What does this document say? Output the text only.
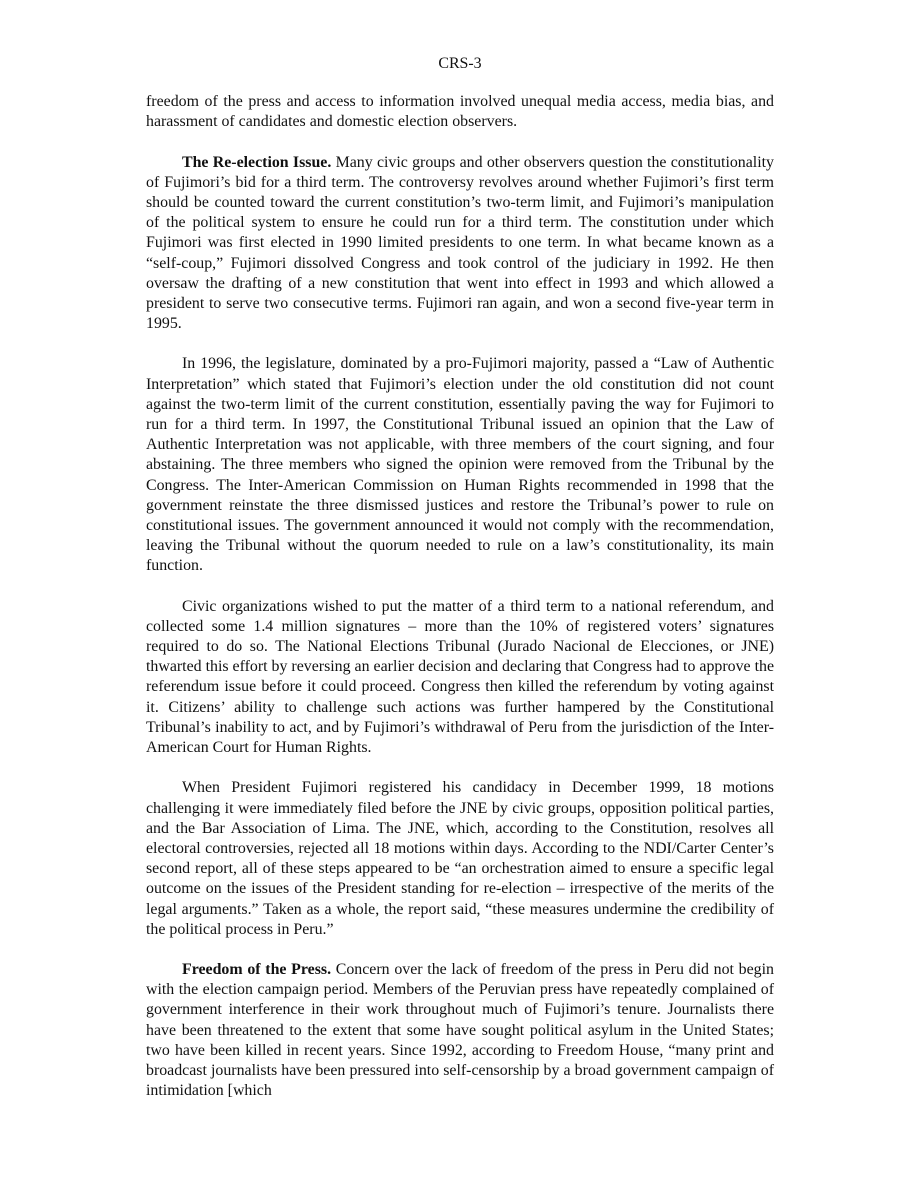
CRS-3

freedom of the press and access to information involved unequal media access, media bias, and harassment of candidates and domestic election observers.

The Re-election Issue. Many civic groups and other observers question the constitutionality of Fujimori’s bid for a third term. The controversy revolves around whether Fujimori’s first term should be counted toward the current constitution’s two-term limit, and Fujimori’s manipulation of the political system to ensure he could run for a third term. The constitution under which Fujimori was first elected in 1990 limited presidents to one term. In what became known as a “self-coup,” Fujimori dissolved Congress and took control of the judiciary in 1992. He then oversaw the drafting of a new constitution that went into effect in 1993 and which allowed a president to serve two consecutive terms. Fujimori ran again, and won a second five-year term in 1995.

In 1996, the legislature, dominated by a pro-Fujimori majority, passed a “Law of Authentic Interpretation” which stated that Fujimori’s election under the old constitution did not count against the two-term limit of the current constitution, essentially paving the way for Fujimori to run for a third term. In 1997, the Constitutional Tribunal issued an opinion that the Law of Authentic Interpretation was not applicable, with three members of the court signing, and four abstaining. The three members who signed the opinion were removed from the Tribunal by the Congress. The Inter-American Commission on Human Rights recommended in 1998 that the government reinstate the three dismissed justices and restore the Tribunal’s power to rule on constitutional issues. The government announced it would not comply with the recommendation, leaving the Tribunal without the quorum needed to rule on a law’s constitutionality, its main function.

Civic organizations wished to put the matter of a third term to a national referendum, and collected some 1.4 million signatures – more than the 10% of registered voters’ signatures required to do so. The National Elections Tribunal (Jurado Nacional de Elecciones, or JNE) thwarted this effort by reversing an earlier decision and declaring that Congress had to approve the referendum issue before it could proceed. Congress then killed the referendum by voting against it. Citizens’ ability to challenge such actions was further hampered by the Constitutional Tribunal’s inability to act, and by Fujimori’s withdrawal of Peru from the jurisdiction of the Inter-American Court for Human Rights.

When President Fujimori registered his candidacy in December 1999, 18 motions challenging it were immediately filed before the JNE by civic groups, opposition political parties, and the Bar Association of Lima. The JNE, which, according to the Constitution, resolves all electoral controversies, rejected all 18 motions within days. According to the NDI/Carter Center’s second report, all of these steps appeared to be “an orchestration aimed to ensure a specific legal outcome on the issues of the President standing for re-election – irrespective of the merits of the legal arguments.” Taken as a whole, the report said, “these measures undermine the credibility of the political process in Peru.”

Freedom of the Press. Concern over the lack of freedom of the press in Peru did not begin with the election campaign period. Members of the Peruvian press have repeatedly complained of government interference in their work throughout much of Fujimori’s tenure. Journalists there have been threatened to the extent that some have sought political asylum in the United States; two have been killed in recent years. Since 1992, according to Freedom House, “many print and broadcast journalists have been pressured into self-censorship by a broad government campaign of intimidation [which
